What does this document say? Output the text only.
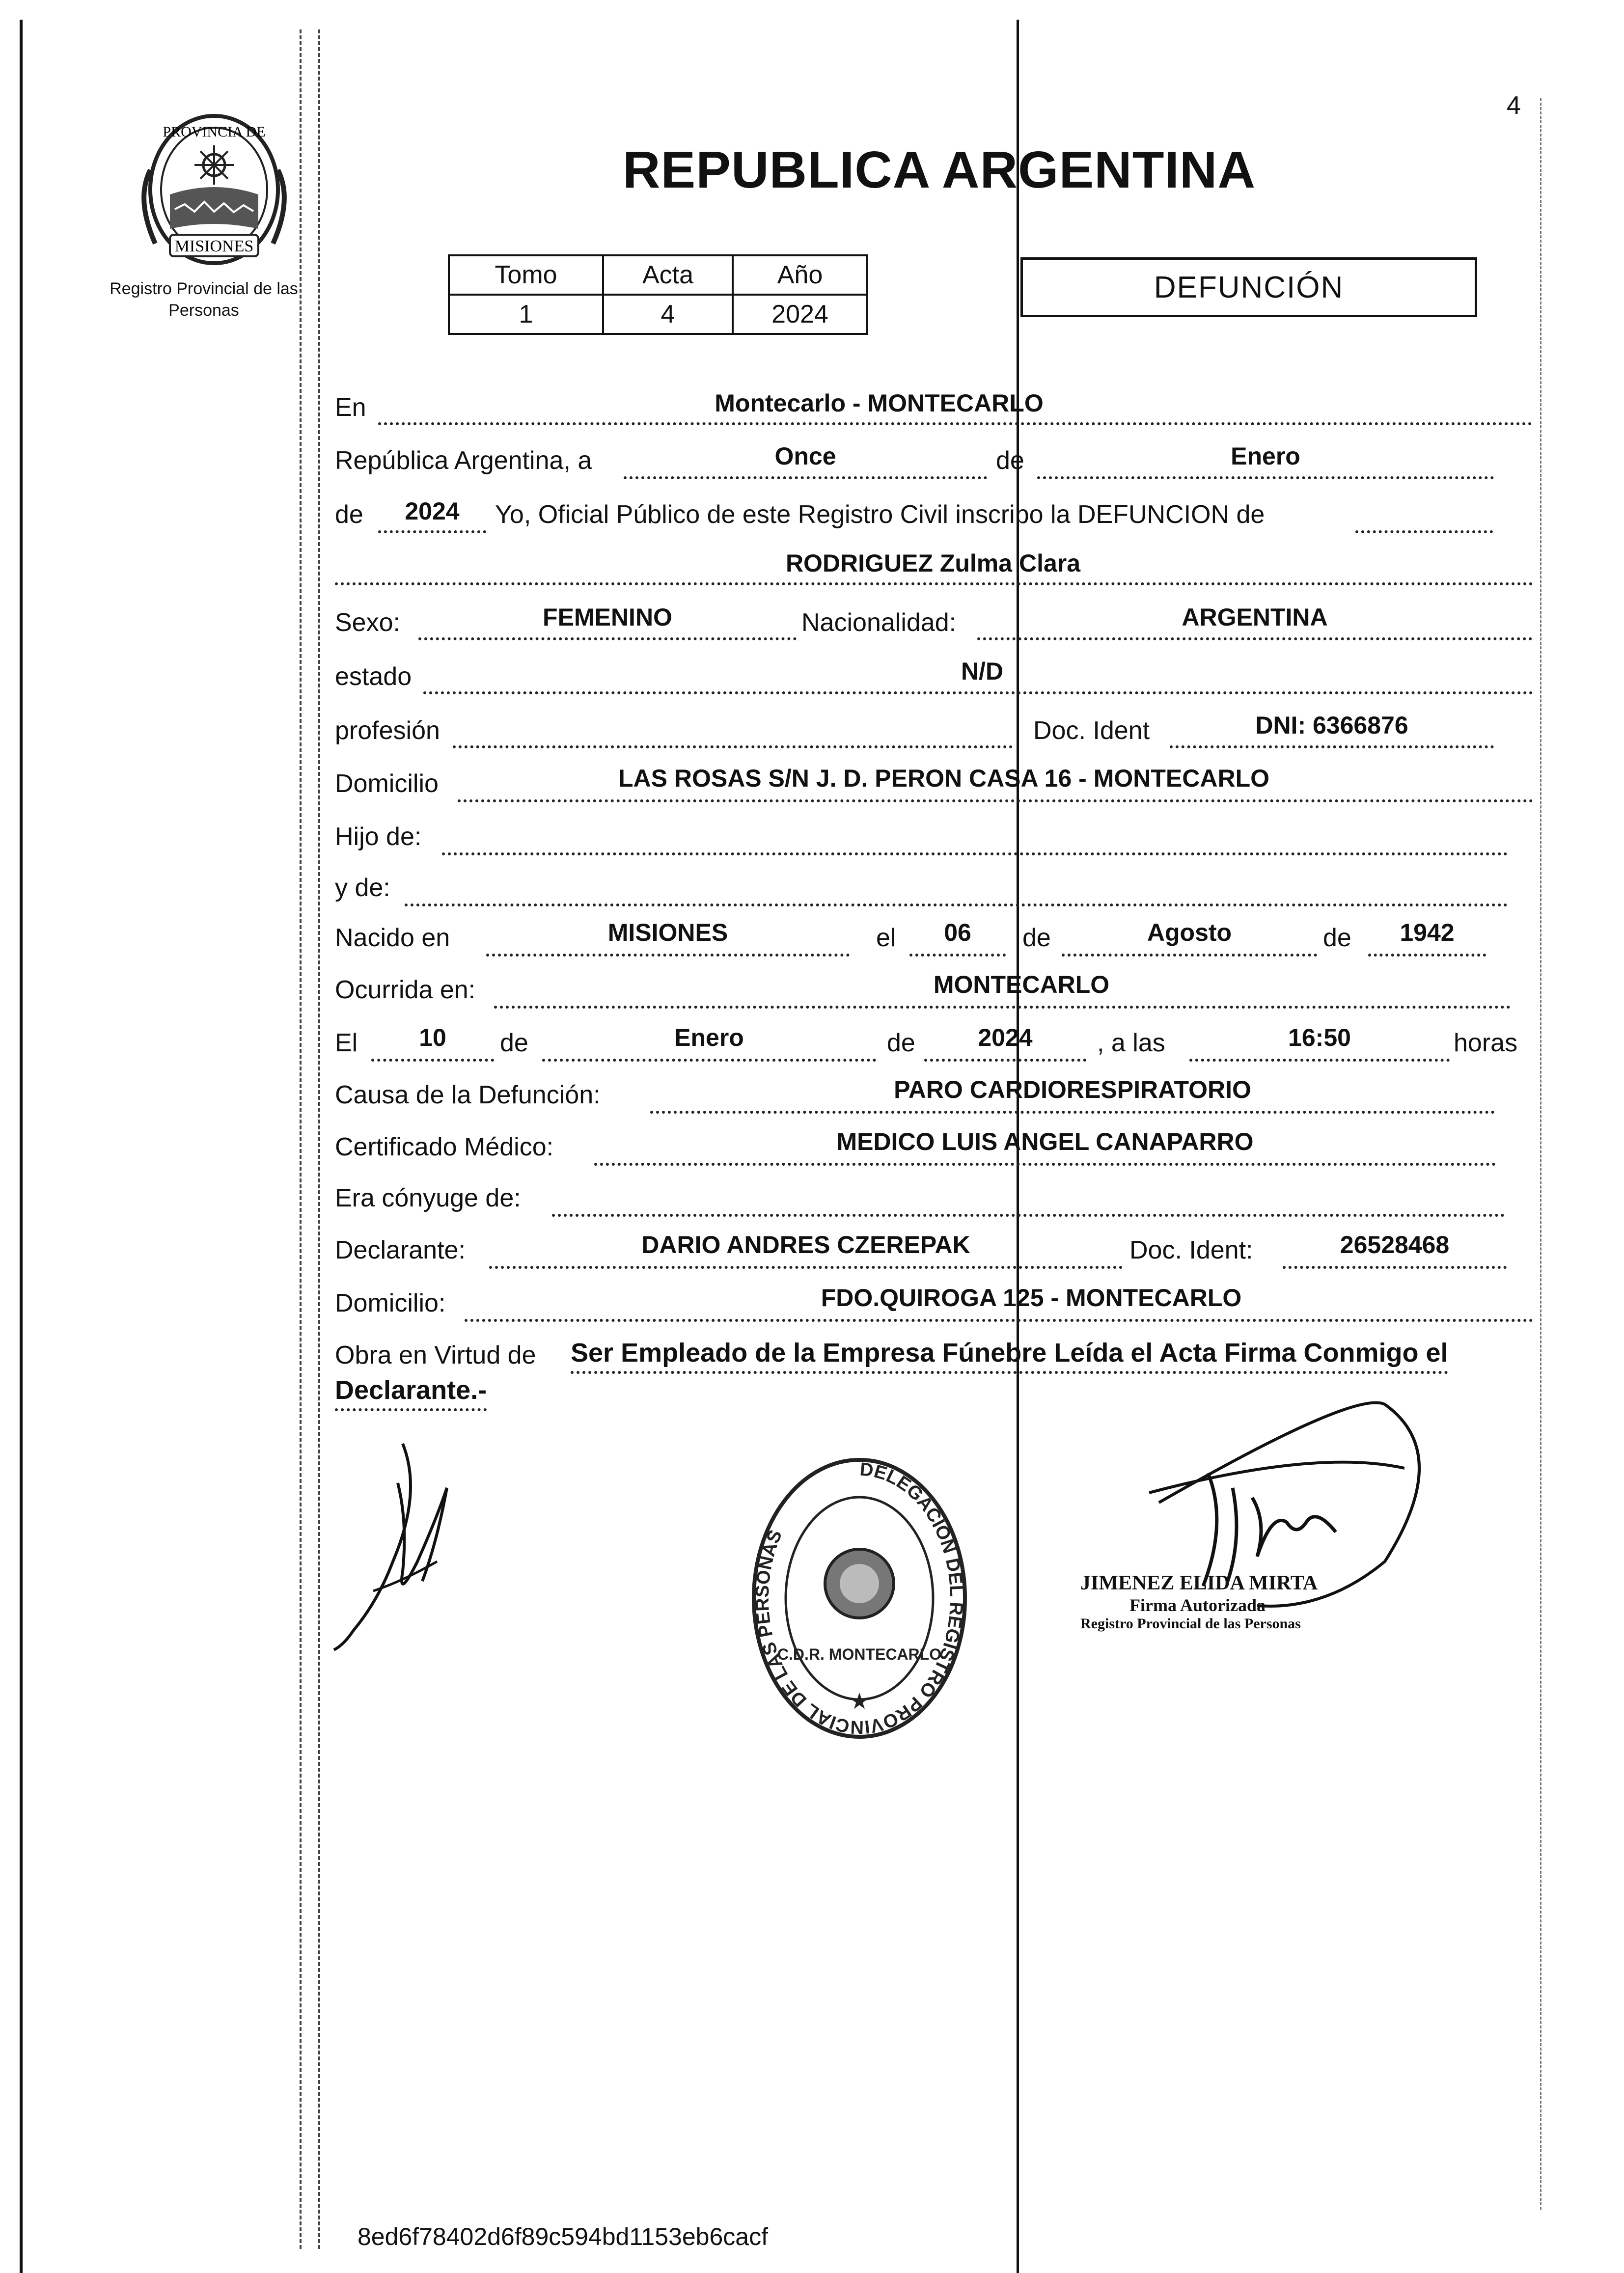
4
PROVINCIA DE
MISIONES
Registro Provincial de las Personas
REPUBLICA ARGENTINA
Tomo	Acta	Año
1	4	2024
DEFUNCIÓN
En	Montecarlo - MONTECARLO
República Argentina, a	Once	de	Enero
de	2024	Yo, Oficial Público de este Registro Civil inscribo la DEFUNCION de
RODRIGUEZ Zulma Clara
Sexo:	FEMENINO	Nacionalidad:	ARGENTINA
estado	N/D
profesión	Doc. Ident	DNI: 6366876
Domicilio	LAS ROSAS S/N J. D. PERON CASA 16 - MONTECARLO
Hijo de:
y de:
Nacido en	MISIONES	el	06	de	Agosto	de	1942
Ocurrida en:	MONTECARLO
El	10	de	Enero	de	2024	, a las	16:50	horas
Causa de la Defunción:	PARO CARDIORESPIRATORIO
Certificado Médico:	MEDICO LUIS ANGEL CANAPARRO
Era cónyuge de:
Declarante:	DARIO ANDRES CZEREPAK	Doc. Ident:	26528468
Domicilio:	FDO.QUIROGA 125 - MONTECARLO
Obra en Virtud de Ser Empleado de la Empresa Fúnebre Leída el Acta Firma Conmigo el
Declarante.-
DELEGACION DEL REGISTRO PROVINCIAL DE LAS PERSONAS
C.D.R. MONTECARLO
★
JIMENEZ ELIDA MIRTA
Firma Autorizada
Registro Provincial de las Personas
8ed6f78402d6f89c594bd1153eb6cacf
